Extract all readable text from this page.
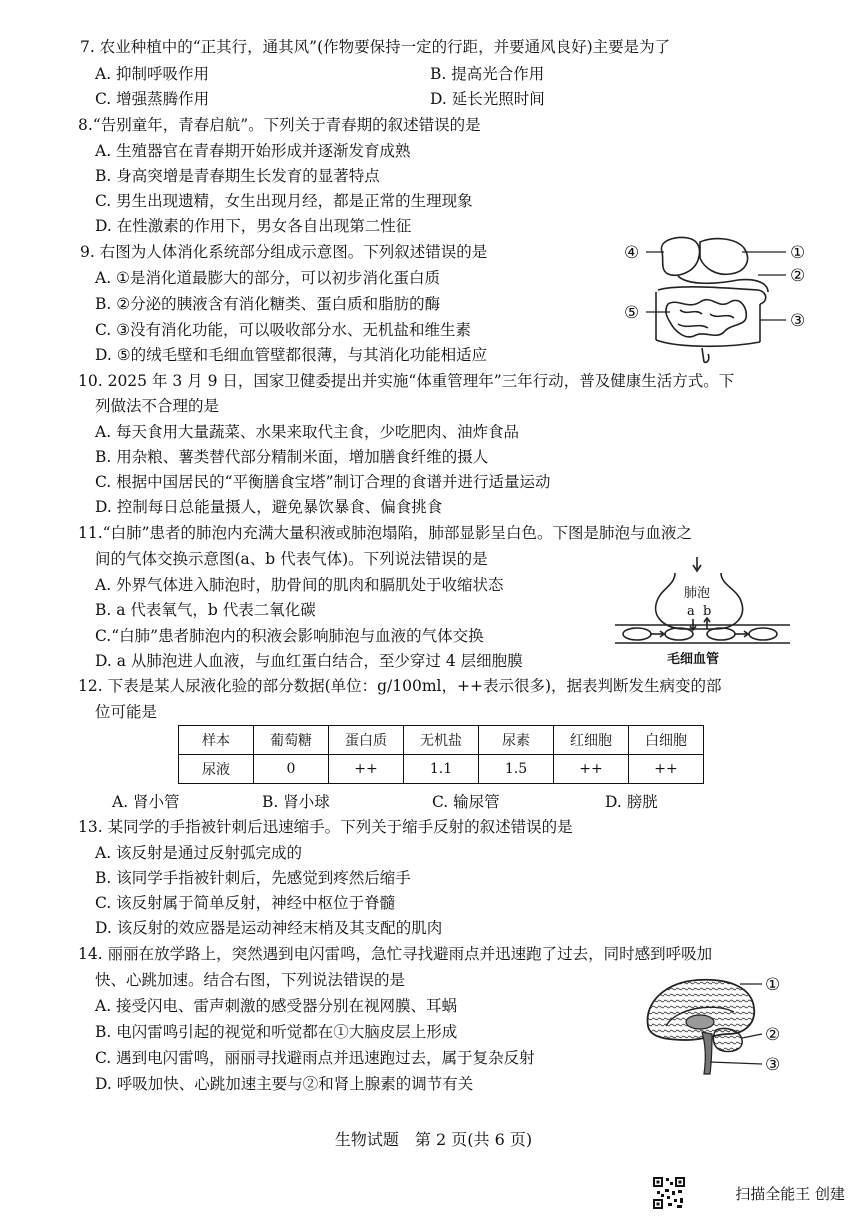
7. 农业种植中的“正其行，通其风”(作物要保持一定的行距，并要通风良好)主要是为了
A. 抑制呼吸作用	B. 提高光合作用
C. 增强蒸腾作用	D. 延长光照时间
8.“告别童年，青春启航”。下列关于青春期的叙述错误的是
A. 生殖器官在青春期开始形成并逐渐发育成熟
B. 身高突增是青春期生长发育的显著特点
C. 男生出现遗精，女生出现月经，都是正常的生理现象
D. 在性激素的作用下，男女各自出现第二性征
9. 右图为人体消化系统部分组成示意图。下列叙述错误的是
A. ①是消化道最膨大的部分，可以初步消化蛋白质
B. ②分泌的胰液含有消化糖类、蛋白质和脂肪的酶
C. ③没有消化功能，可以吸收部分水、无机盐和维生素
D. ⑤的绒毛壁和毛细血管壁都很薄，与其消化功能相适应
④	①
②
⑤	③
10. 2025 年 3 月 9 日，国家卫健委提出并实施“体重管理年”三年行动，普及健康生活方式。下
列做法不合理的是
A. 每天食用大量蔬菜、水果来取代主食，少吃肥肉、油炸食品
B. 用杂粮、薯类替代部分精制米面，增加膳食纤维的摄人
C. 根据中国居民的“平衡膳食宝塔”制订合理的食谱并进行适量运动
D. 控制每日总能量摄人，避免暴饮暴食、偏食挑食
11.“白肺”患者的肺泡内充满大量积液或肺泡塌陷，肺部显影呈白色。下图是肺泡与血液之
间的气体交换示意图(a、b 代表气体)。下列说法错误的是
A. 外界气体进入肺泡时，肋骨间的肌肉和膈肌处于收缩状态
B. a 代表氧气，b 代表二氧化碳
C.“白肺”患者肺泡内的积液会影响肺泡与血液的气体交换
D. a 从肺泡进人血液，与血红蛋白结合，至少穿过 4 层细胞膜
肺泡
a b
毛细血管
12. 下表是某人尿液化验的部分数据(单位：g/100ml，++表示很多)，据表判断发生病变的部
位可能是
样本	葡萄糖	蛋白质	无机盐	尿素	红细胞	白细胞
尿液	0	++	1.1	1.5	++	++
A. 肾小管	B. 肾小球	C. 输尿管	D. 膀胱
13. 某同学的手指被针刺后迅速缩手。下列关于缩手反射的叙述错误的是
A. 该反射是通过反射弧完成的
B. 该同学手指被针刺后，先感觉到疼然后缩手
C. 该反射属于简单反射，神经中枢位于脊髓
D. 该反射的效应器是运动神经末梢及其支配的肌肉
14. 丽丽在放学路上，突然遇到电闪雷鸣，急忙寻找避雨点并迅速跑了过去，同时感到呼吸加
快、心跳加速。结合右图，下列说法错误的是
A. 接受闪电、雷声刺激的感受器分别在视网膜、耳蜗
B. 电闪雷鸣引起的视觉和听觉都在①大脑皮层上形成
C. 遇到电闪雷鸣，丽丽寻找避雨点并迅速跑过去，属于复杂反射
D. 呼吸加快、心跳加速主要与②和肾上腺素的调节有关
①
②
③
生物试题　第 2 页(共 6 页)
扫描全能王 创建
